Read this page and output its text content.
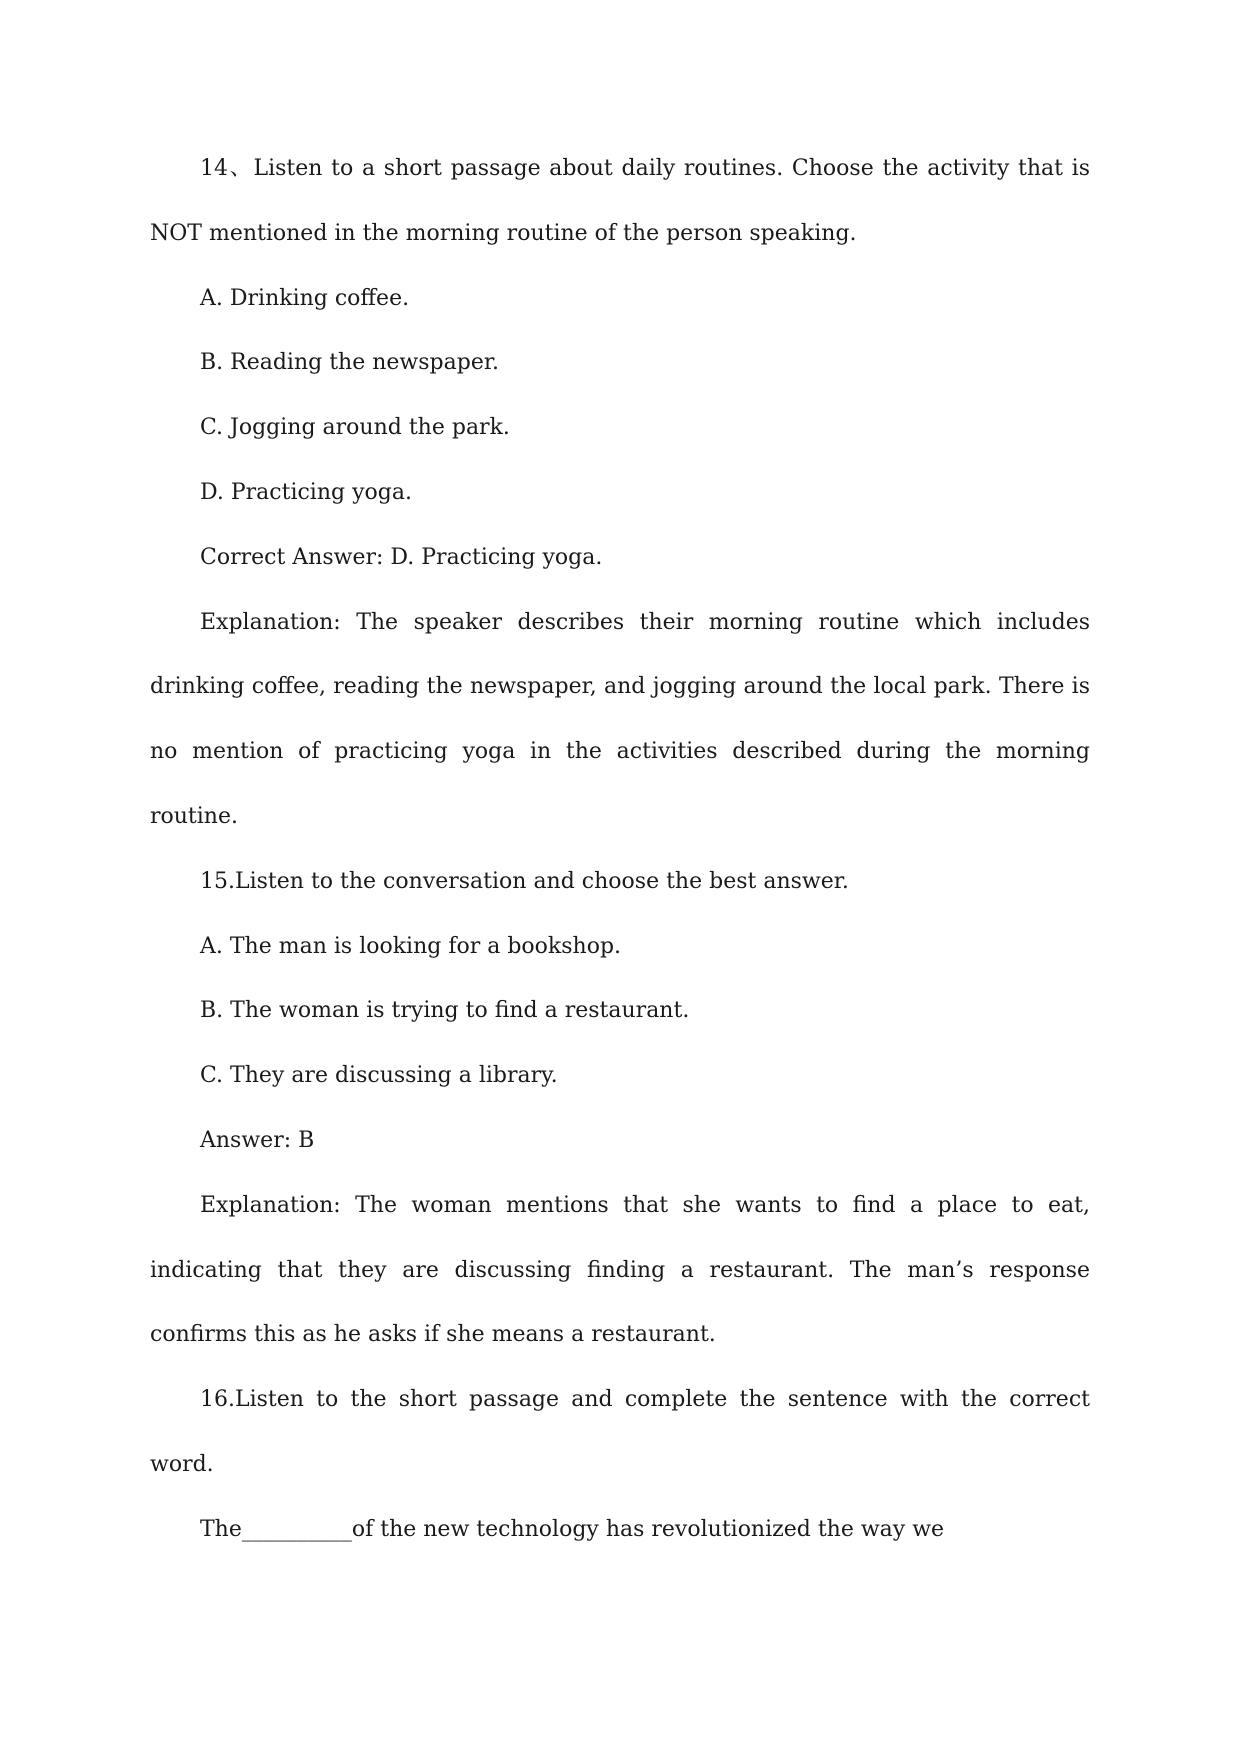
14、Listen to a short passage about daily routines. Choose the activity that is NOT mentioned in the morning routine of the person speaking.

A. Drinking coffee.

B. Reading the newspaper.

C. Jogging around the park.

D. Practicing yoga.

Correct Answer: D. Practicing yoga.

Explanation: The speaker describes their morning routine which includes drinking coffee, reading the newspaper, and jogging around the local park. There is no mention of practicing yoga in the activities described during the morning routine.

15.Listen to the conversation and choose the best answer.

A. The man is looking for a bookshop.

B. The woman is trying to find a restaurant.

C. They are discussing a library.

Answer: B

Explanation: The woman mentions that she wants to find a place to eat, indicating that they are discussing finding a restaurant. The man’s response confirms this as he asks if she means a restaurant.

16.Listen to the short passage and complete the sentence with the correct word.

The__________of the new technology has revolutionized the way we
